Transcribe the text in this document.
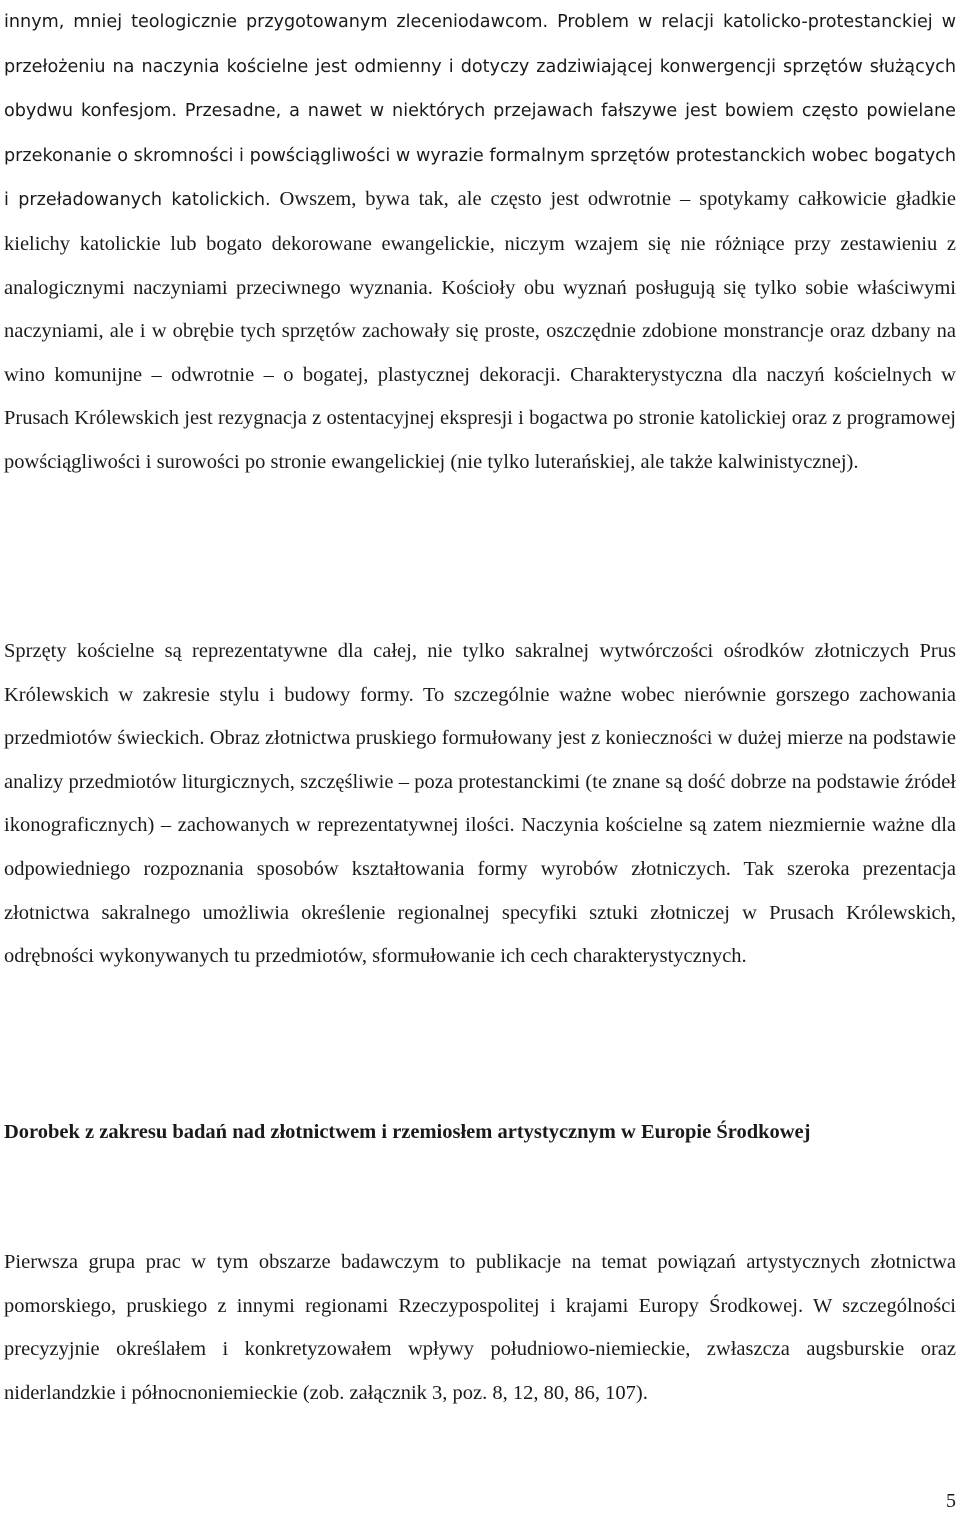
innym, mniej teologicznie przygotowanym zleceniodawcom. Problem w relacji katolicko-protestanckiej w przełożeniu na naczynia kościelne jest odmienny i dotyczy zadziwiającej konwergencji sprzętów służących obydwu konfesjom. Przesadne, a nawet w niektórych przejawach fałszywe jest bowiem często powielane przekonanie o skromności i powściągliwości w wyrazie formalnym sprzętów protestanckich wobec bogatych i przeładowanych katolickich. Owszem, bywa tak, ale często jest odwrotnie – spotykamy całkowicie gładkie kielichy katolickie lub bogato dekorowane ewangelickie, niczym wzajem się nie różniące przy zestawieniu z analogicznymi naczyniami przeciwnego wyznania. Kościoły obu wyznań posługują się tylko sobie właściwymi naczyniami, ale i w obrębie tych sprzętów zachowały się proste, oszczędnie zdobione monstrancje oraz dzbany na wino komunijne – odwrotnie – o bogatej, plastycznej dekoracji. Charakterystyczna dla naczyń kościelnych w Prusach Królewskich jest rezygnacja z ostentacyjnej ekspresji i bogactwa po stronie katolickiej oraz z programowej powściągliwości i surowości po stronie ewangelickiej (nie tylko luterańskiej, ale także kalwinistycznej).

Sprzęty kościelne są reprezentatywne dla całej, nie tylko sakralnej wytwórczości ośrodków złotniczych Prus Królewskich w zakresie stylu i budowy formy. To szczególnie ważne wobec nierównie gorszego zachowania przedmiotów świeckich. Obraz złotnictwa pruskiego formułowany jest z konieczności w dużej mierze na podstawie analizy przedmiotów liturgicznych, szczęśliwie – poza protestanckimi (te znane są dość dobrze na podstawie źródeł ikonograficznych) – zachowanych w reprezentatywnej ilości. Naczynia kościelne są zatem niezmiernie ważne dla odpowiedniego rozpoznania sposobów kształtowania formy wyrobów złotniczych. Tak szeroka prezentacja złotnictwa sakralnego umożliwia określenie regionalnej specyfiki sztuki złotniczej w Prusach Królewskich, odrębności wykonywanych tu przedmiotów, sformułowanie ich cech charakterystycznych.

Dorobek z zakresu badań nad złotnictwem i rzemiosłem artystycznym w Europie Środkowej

Pierwsza grupa prac w tym obszarze badawczym to publikacje na temat powiązań artystycznych złotnictwa pomorskiego, pruskiego z innymi regionami Rzeczypospolitej i krajami Europy Środkowej. W szczególności precyzyjnie określałem i konkretyzowałem wpływy południowo-niemieckie, zwłaszcza augsburskie oraz niderlandzkie i północnoniemieckie (zob. załącznik 3, poz. 8, 12, 80, 86, 107).

5
